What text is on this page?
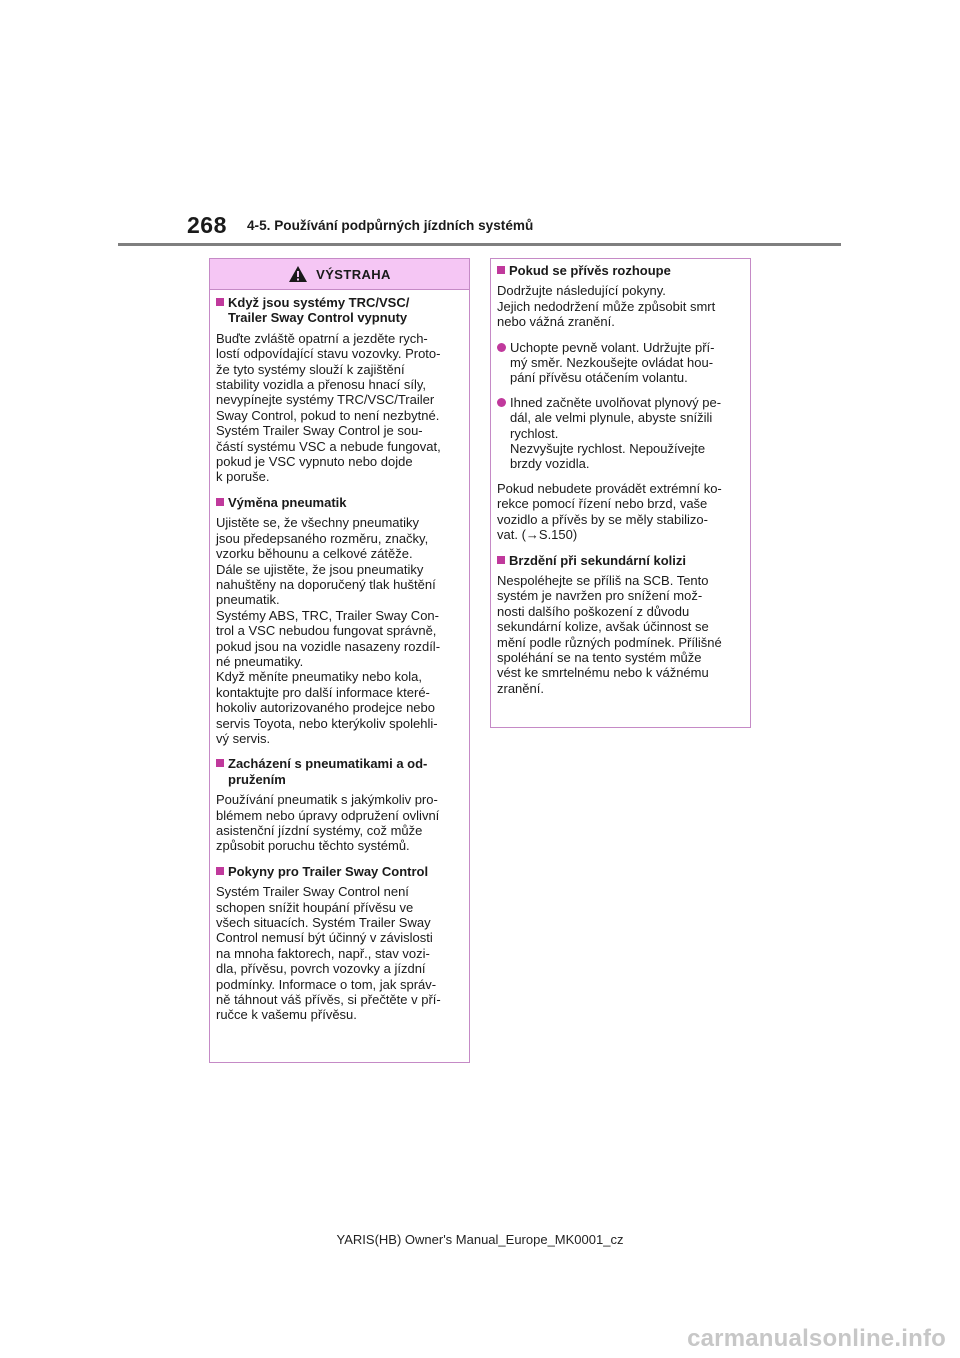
268 4-5. Používání podpůrných jízdních systémů
VÝSTRAHA
Když jsou systémy TRC/VSC/
Trailer Sway Control vypnuty
Buďte zvláště opatrní a jezděte rych-
lostí odpovídající stavu vozovky. Proto-
že tyto systémy slouží k zajištění
stability vozidla a přenosu hnací síly,
nevypínejte systémy TRC/VSC/Trailer
Sway Control, pokud to není nezbytné.
Systém Trailer Sway Control je sou-
částí systému VSC a nebude fungovat,
pokud je VSC vypnuto nebo dojde
k poruše.
Výměna pneumatik
Ujistěte se, že všechny pneumatiky
jsou předepsaného rozměru, značky,
vzorku běhounu a celkové zátěže.
Dále se ujistěte, že jsou pneumatiky
nahuštěny na doporučený tlak huštění
pneumatik.
Systémy ABS, TRC, Trailer Sway Con-
trol a VSC nebudou fungovat správně,
pokud jsou na vozidle nasazeny rozdíl-
né pneumatiky.
Když měníte pneumatiky nebo kola,
kontaktujte pro další informace které-
hokoliv autorizovaného prodejce nebo
servis Toyota, nebo kterýkoliv spolehli-
vý servis.
Zacházení s pneumatikami a od-
pružením
Používání pneumatik s jakýmkoliv pro-
blémem nebo úpravy odpružení ovlivní
asistenční jízdní systémy, což může
způsobit poruchu těchto systémů.
Pokyny pro Trailer Sway Control
Systém Trailer Sway Control není
schopen snížit houpání přívěsu ve
všech situacích. Systém Trailer Sway
Control nemusí být účinný v závislosti
na mnoha faktorech, např., stav vozi-
dla, přívěsu, povrch vozovky a jízdní
podmínky. Informace o tom, jak správ-
ně táhnout váš přívěs, si přečtěte v pří-
ručce k vašemu přívěsu.
Pokud se přívěs rozhoupe
Dodržujte následující pokyny.
Jejich nedodržení může způsobit smrt
nebo vážná zranění.
Uchopte pevně volant. Udržujte pří-
mý směr. Nezkoušejte ovládat hou-
pání přívěsu otáčením volantu.
Ihned začněte uvolňovat plynový pe-
dál, ale velmi plynule, abyste snížili
rychlost.
Nezvyšujte rychlost. Nepoužívejte
brzdy vozidla.
Pokud nebudete provádět extrémní ko-
rekce pomocí řízení nebo brzd, vaše
vozidlo a přívěs by se měly stabilizo-
vat. (→S.150)
Brzdění při sekundární kolizi
Nespoléhejte se příliš na SCB. Tento
systém je navržen pro snížení mož-
nosti dalšího poškození z důvodu
sekundární kolize, avšak účinnost se
mění podle různých podmínek. Přílišné
spoléhání se na tento systém může
vést ke smrtelnému nebo k vážnému
zranění.
YARIS(HB) Owner's Manual_Europe_MK0001_cz
carmanualsonline.info
